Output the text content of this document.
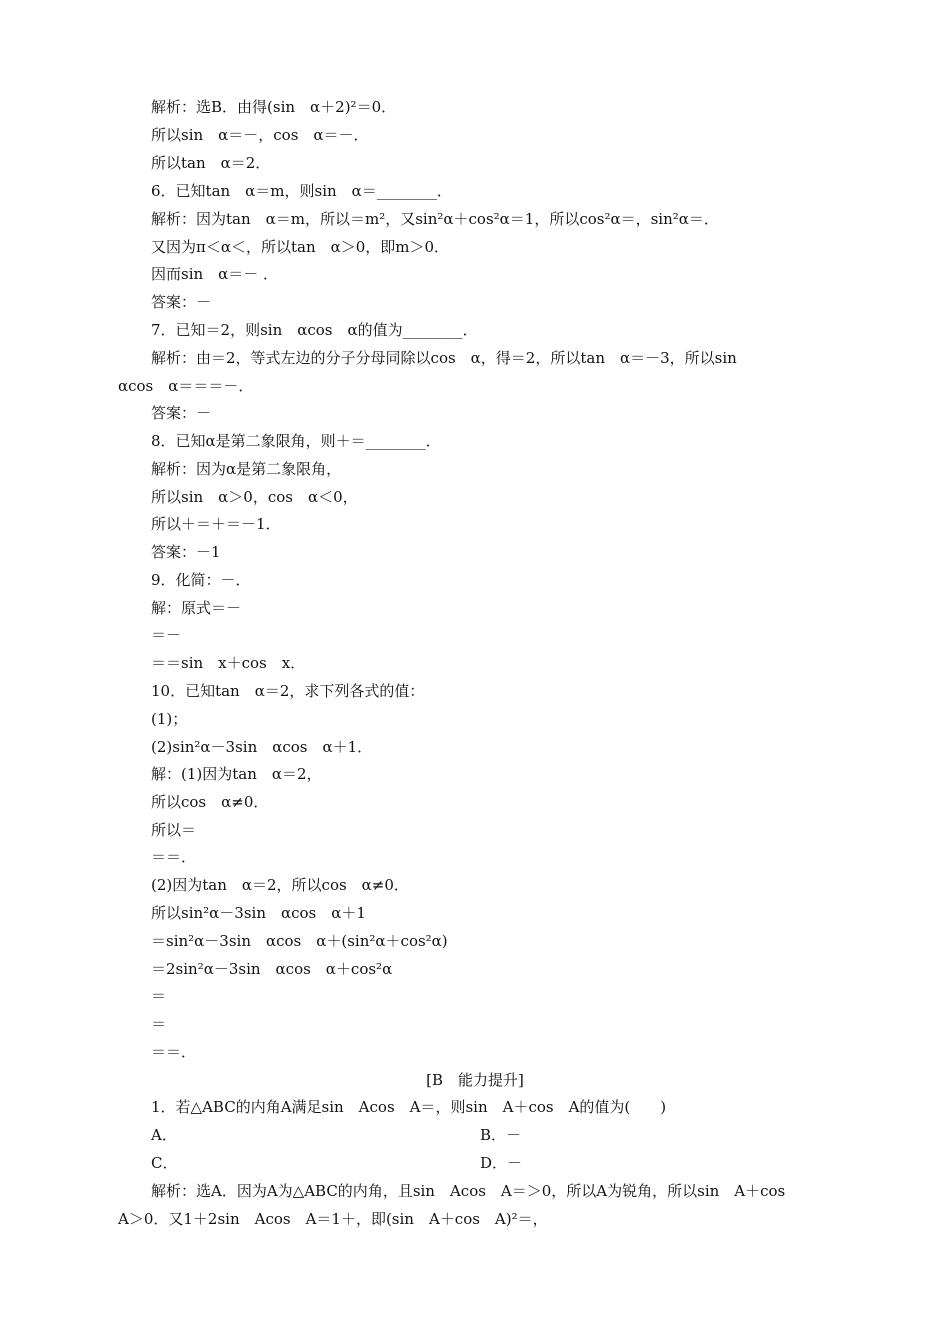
解析：选B．由得(sin　α＋2)²＝0．
所以sin　α＝－，cos　α＝－．
所以tan　α＝2．
6．已知tan　α＝m，则sin　α＝________．
解析：因为tan　α＝m，所以＝m²，又sin²α＋cos²α＝1，所以cos²α＝，sin²α＝．
又因为π＜α＜，所以tan　α＞0，即m＞0．
因而sin　α＝－ ．
答案：－
7．已知＝2，则sin　αcos　α的值为________．
解析：由＝2，等式左边的分子分母同除以cos　α，得＝2，所以tan　α＝－3，所以sin
αcos　α＝＝＝－．
答案：－
8．已知α是第二象限角，则＋＝________．
解析：因为α是第二象限角，
所以sin　α＞0，cos　α＜0，
所以＋＝＋＝－1．
答案：－1
9．化简：－．
解：原式＝－
＝－
＝＝sin　x＋cos　x．
10．已知tan　α＝2，求下列各式的值：
(1)；
(2)sin²α－3sin　αcos　α＋1．
解：(1)因为tan　α＝2，
所以cos　α≠0．
所以＝
＝＝．
(2)因为tan　α＝2，所以cos　α≠0．
所以sin²α－3sin　αcos　α＋1
＝sin²α－3sin　αcos　α＋(sin²α＋cos²α)
＝2sin²α－3sin　αcos　α＋cos²α
＝
＝
＝＝．
[B　能力提升]
1．若△ABC的内角A满足sin　Acos　A＝，则sin　A＋cos　A的值为(　　)
A．	B．－
C．	D．－
解析：选A．因为A为△ABC的内角，且sin　Acos　A＝＞0，所以A为锐角，所以sin　A＋cos
A＞0．又1＋2sin　Acos　A＝1＋，即(sin　A＋cos　A)²＝，
